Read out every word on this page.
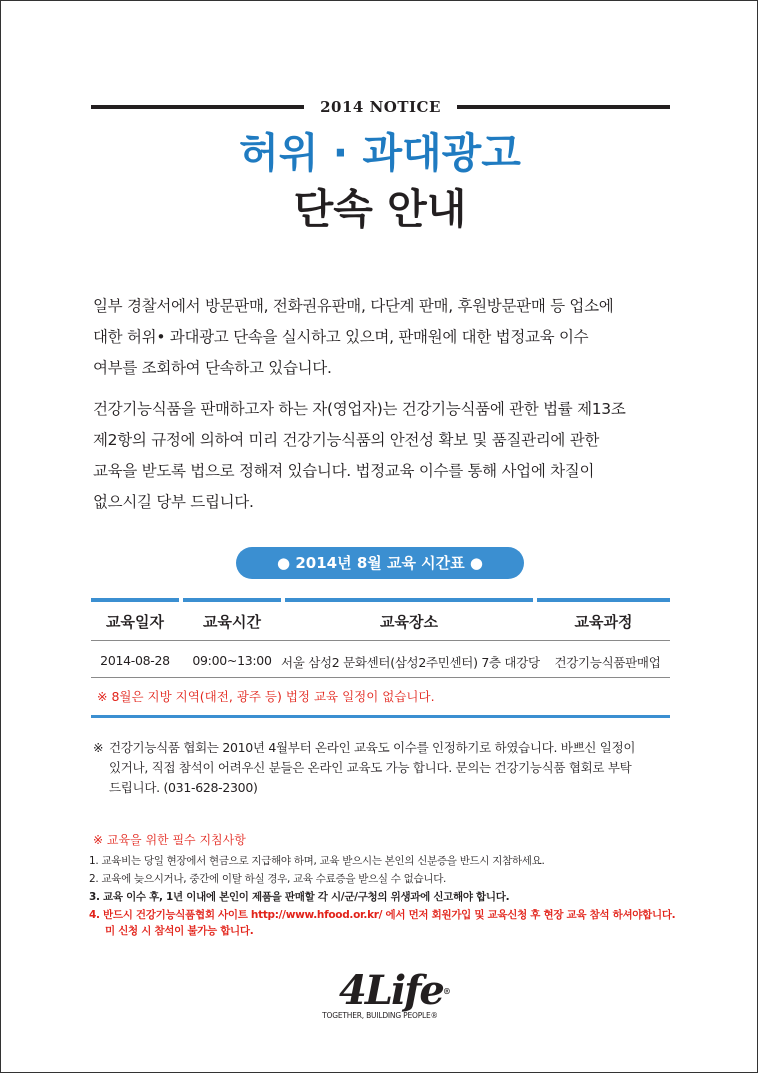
2014 NOTICE
허위 · 과대광고
단속 안내
일부 경찰서에서 방문판매, 전화권유판매, 다단계 판매, 후원방문판매 등 업소에
대한 허위• 과대광고 단속을 실시하고 있으며, 판매원에 대한 법정교육 이수
여부를 조회하여 단속하고 있습니다.
건강기능식품을 판매하고자 하는 자(영업자)는 건강기능식품에 관한 법률 제13조
제2항의 규정에 의하여 미리 건강기능식품의 안전성 확보 및 품질관리에 관한
교육을 받도록 법으로 정해져 있습니다. 법정교육 이수를 통해 사업에 차질이
없으시길 당부 드립니다.
● 2014년 8월 교육 시간표 ●
교육일자	교육시간	교육장소	교육과정
2014-08-28	09:00~13:00 서울 삼성2 문화센터(삼성2주민센터) 7층 대강당	건강기능식품판매업
※ 8월은 지방 지역(대전, 광주 등) 법정 교육 일정이 없습니다.
※ 건강기능식품 협회는 2010년 4월부터 온라인 교육도 이수를 인정하기로 하였습니다. 바쁘신 일정이
있거나, 직접 참석이 어려우신 분들은 온라인 교육도 가능 합니다. 문의는 건강기능식품 협회로 부탁
드립니다. (031-628-2300)
※ 교육을 위한 필수 지침사항
1. 교육비는 당일 현장에서 현금으로 지급해야 하며, 교육 받으시는 본인의 신분증을 반드시 지참하세요.
2. 교육에 늦으시거나, 중간에 이탈 하실 경우, 교육 수료증을 받으실 수 없습니다.
3. 교육 이수 후, 1년 이내에 본인이 제품을 판매할 각 시/군/구청의 위생과에 신고해야 합니다.
4. 반드시 건강기능식품협회 사이트 http://www.hfood.or.kr/ 에서 먼저 회원가입 및 교육신청 후 현장 교육 참석 하셔야합니다.
미 신청 시 참석이 불가능 합니다.
4Life®
TOGETHER, BUILDING PEOPLE®
